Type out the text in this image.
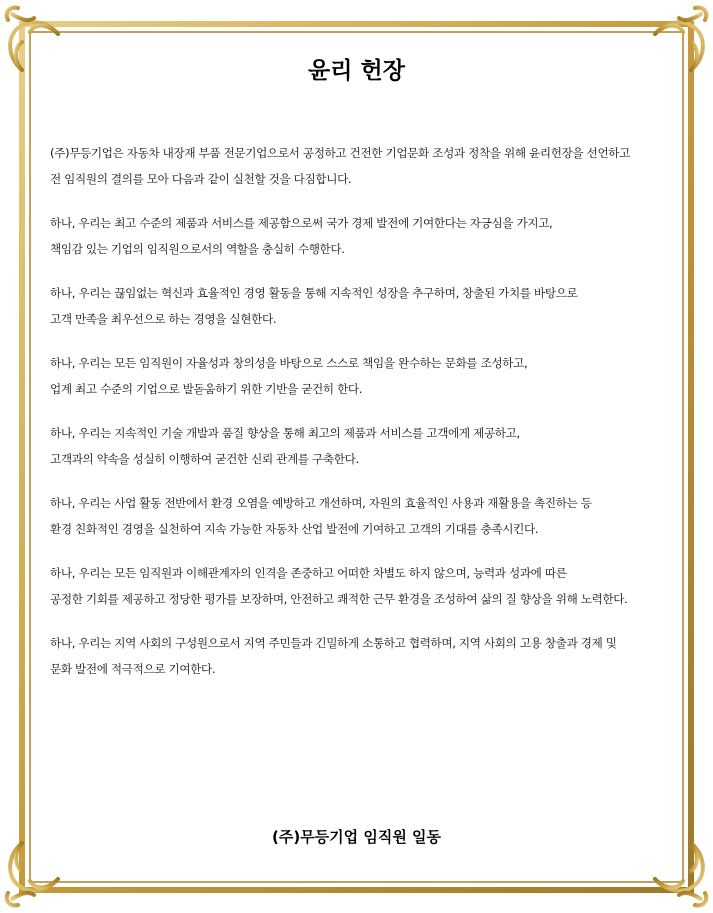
윤리 헌장

(주)무등기업은 자동차 내장재 부품 전문기업으로서 공정하고 건전한 기업문화 조성과 정착을 위해 윤리헌장을 선언하고
전 임직원의 결의를 모아 다음과 같이 실천할 것을 다짐합니다.

하나, 우리는 최고 수준의 제품과 서비스를 제공함으로써 국가 경제 발전에 기여한다는 자긍심을 가지고,
책임감 있는 기업의 임직원으로서의 역할을 충실히 수행한다.

하나, 우리는 끊임없는 혁신과 효율적인 경영 활동을 통해 지속적인 성장을 추구하며, 창출된 가치를 바탕으로
고객 만족을 최우선으로 하는 경영을 실현한다.

하나, 우리는 모든 임직원이 자율성과 창의성을 바탕으로 스스로 책임을 완수하는 문화를 조성하고,
업계 최고 수준의 기업으로 발돋움하기 위한 기반을 굳건히 한다.

하나, 우리는 지속적인 기술 개발과 품질 향상을 통해 최고의 제품과 서비스를 고객에게 제공하고,
고객과의 약속을 성실히 이행하여 굳건한 신뢰 관계를 구축한다.

하나, 우리는 사업 활동 전반에서 환경 오염을 예방하고 개선하며, 자원의 효율적인 사용과 재활용을 촉진하는 등
환경 친화적인 경영을 실천하여 지속 가능한 자동차 산업 발전에 기여하고 고객의 기대를 충족시킨다.

하나, 우리는 모든 임직원과 이해관계자의 인격을 존중하고 어떠한 차별도 하지 않으며, 능력과 성과에 따른
공정한 기회를 제공하고 정당한 평가를 보장하며, 안전하고 쾌적한 근무 환경을 조성하여 삶의 질 향상을 위해 노력한다.

하나, 우리는 지역 사회의 구성원으로서 지역 주민들과 긴밀하게 소통하고 협력하며, 지역 사회의 고용 창출과 경제 및
문화 발전에 적극적으로 기여한다.

(주)무등기업 임직원 일동
